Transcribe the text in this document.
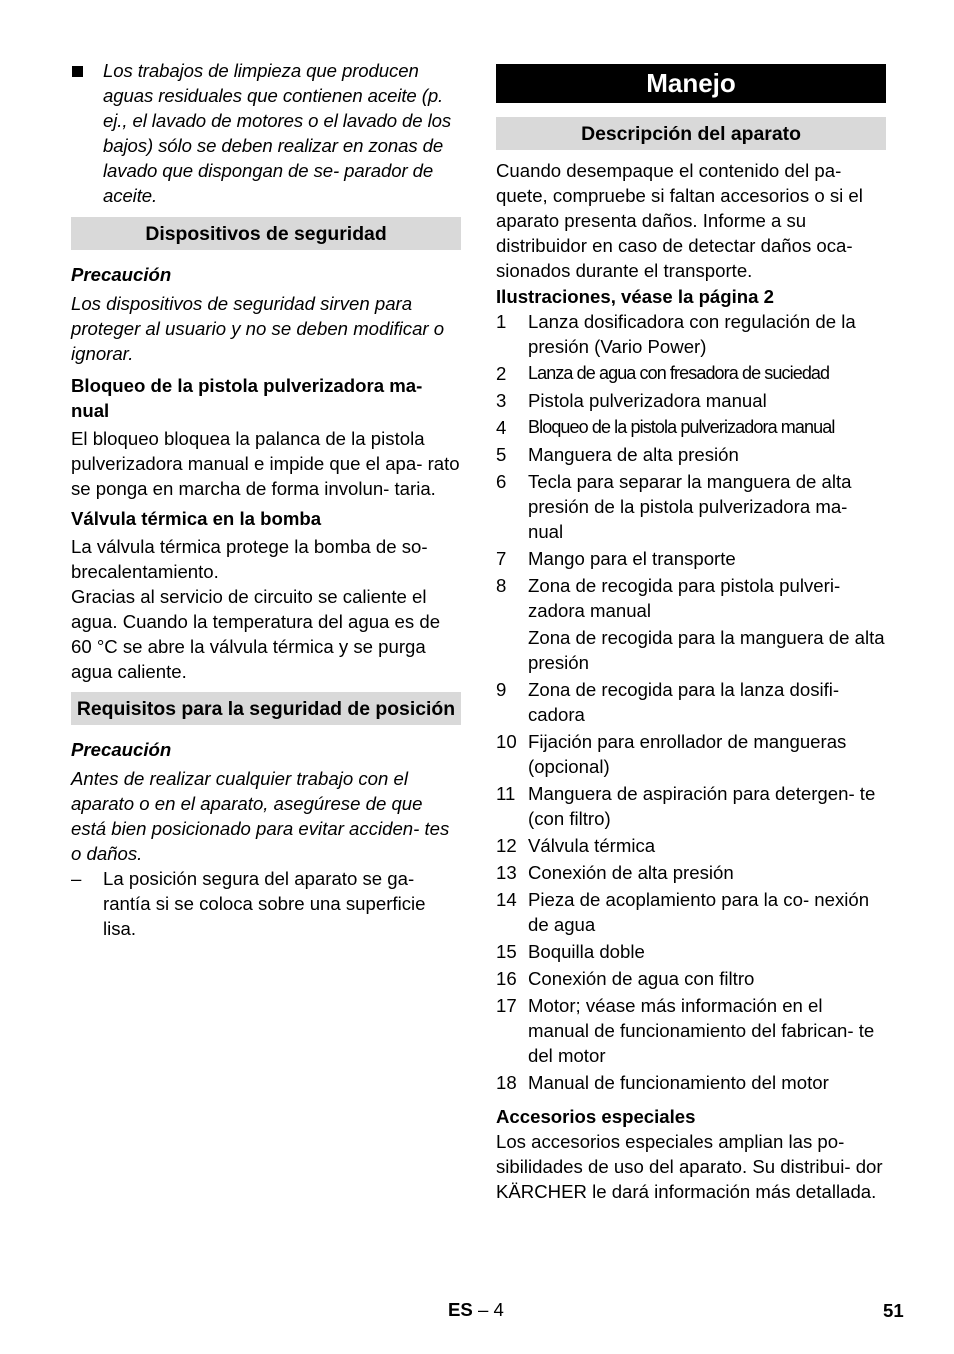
Los trabajos de limpieza que producen aguas residuales que contienen aceite (p. ej., el lavado de motores o el lavado de los bajos) sólo se deben realizar en zonas de lavado que dispongan de se- parador de aceite.

Dispositivos de seguridad

Precaución

Los dispositivos de seguridad sirven para proteger al usuario y no se deben modificar o ignorar.

Bloqueo de la pistola pulverizadora ma- nual

El bloqueo bloquea la palanca de la pistola pulverizadora manual e impide que el apa- rato se ponga en marcha de forma involun- taria.

Válvula térmica en la bomba

La válvula térmica protege la bomba de so- brecalentamiento.

Gracias al servicio de circuito se caliente el agua. Cuando la temperatura del agua es de 60 °C se abre la válvula térmica y se purga agua caliente.

Requisitos para la seguridad de posición

Precaución

Antes de realizar cualquier trabajo con el aparato o en el aparato, asegúrese de que está bien posicionado para evitar acciden- tes o daños.

–	La posición segura del aparato se ga- rantía si se coloca sobre una superficie lisa.

Manejo
Descripción del aparato

Cuando desempaque el contenido del pa- quete, compruebe si faltan accesorios o si el aparato presenta daños. Informe a su distribuidor en caso de detectar daños oca- sionados durante el transporte.

Ilustraciones, véase la página 2

1	Lanza dosificadora con regulación de la presión (Vario Power)
2	Lanza de agua con fresadora de suciedad
3	Pistola pulverizadora manual
4	Bloqueo de la pistola pulverizadora manual
5	Manguera de alta presión
6	Tecla para separar la manguera de alta presión de la pistola pulverizadora ma- nual
7	Mango para el transporte
8	Zona de recogida para pistola pulveri- zadora manual
Zona de recogida para la manguera de alta presión
9	Zona de recogida para la lanza dosifi- cadora
10 Fijación para enrollador de mangueras (opcional)
11 Manguera de aspiración para detergen- te (con filtro)
12 Válvula térmica
13 Conexión de alta presión
14 Pieza de acoplamiento para la co- nexión de agua
15 Boquilla doble
16 Conexión de agua con filtro
17 Motor; véase más información en el manual de funcionamiento del fabrican- te del motor
18 Manual de funcionamiento del motor

Accesorios especiales

Los accesorios especiales amplian las po- sibilidades de uso del aparato. Su distribui- dor KÄRCHER le dará información más detallada.

ES – 4	51
